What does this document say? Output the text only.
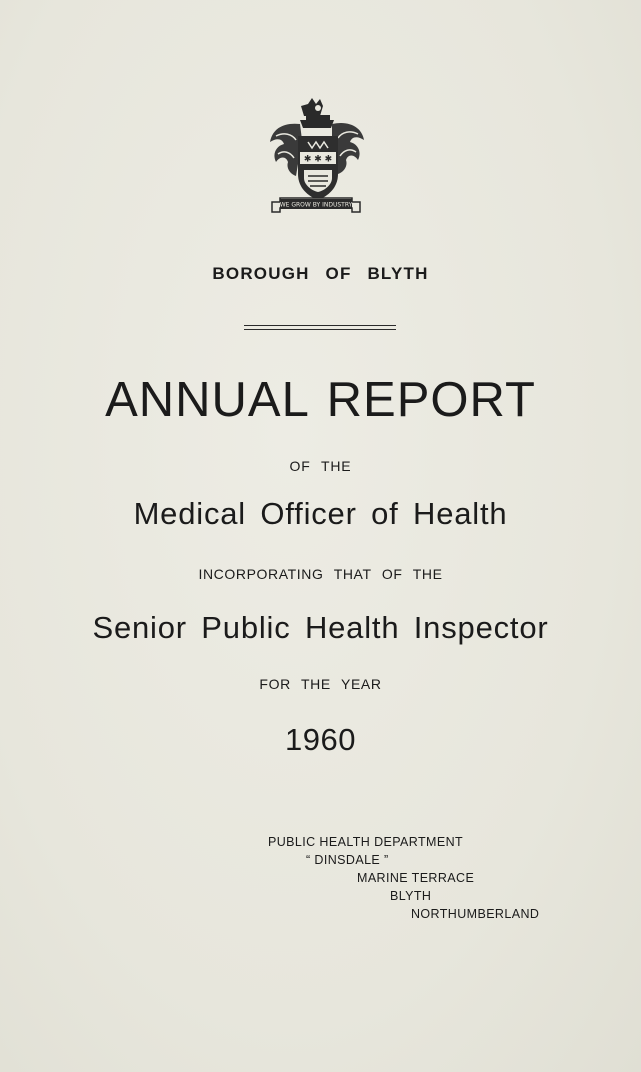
✱ ✱ ✱
WE GROW BY INDUSTRY
BOROUGH OF BLYTH
ANNUAL REPORT
OF THE
Medical Officer of Health
INCORPORATING THAT OF THE
Senior Public Health Inspector
FOR THE YEAR
1960
PUBLIC HEALTH DEPARTMENT
“ DINSDALE ”
MARINE TERRACE
BLYTH
NORTHUMBERLAND
